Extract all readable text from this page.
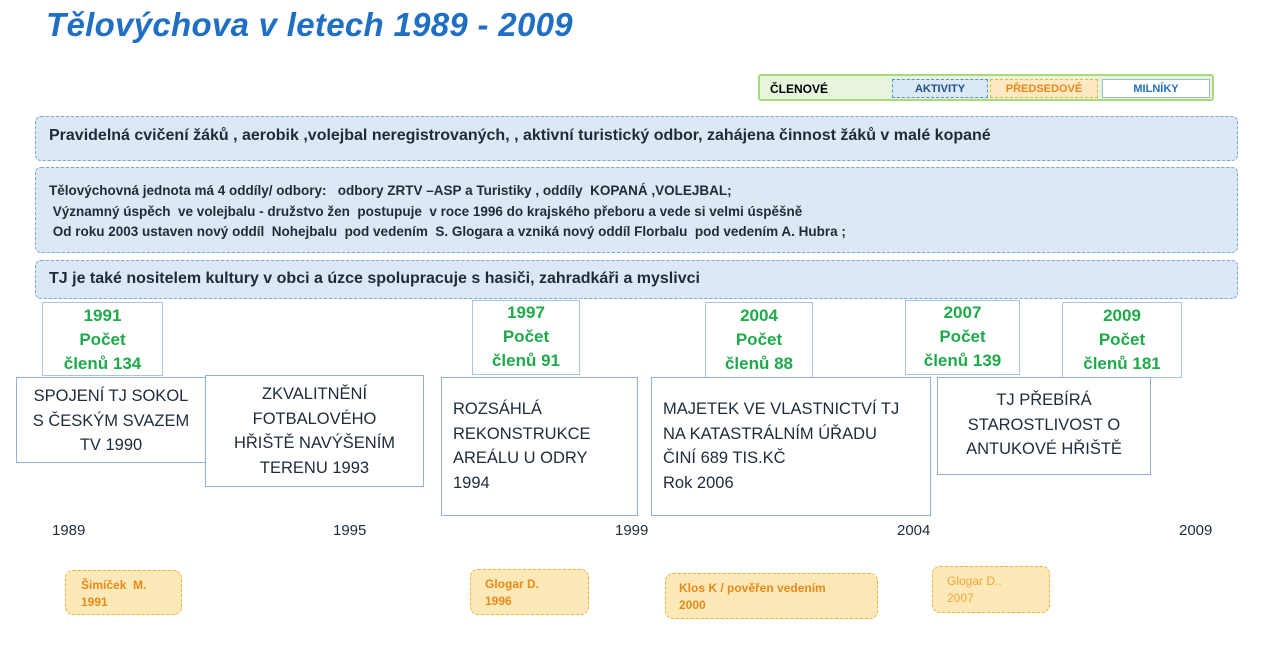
Tělovýchova v letech 1989 - 2009
ČLENOVÉ	AKTIVITY	PŘEDSEDOVÉ	MILNÍKY
Pravidelná cvičení žáků , aerobik ,volejbal neregistrovaných, , aktivní turistický odbor, zahájena činnost žáků v malé kopané
Tělovýchovná jednota má 4 oddíly/ odbory:   odbory ZRTV –ASP a Turistiky , oddíly  KOPANÁ ,VOLEJBAL;
Významný úspěch  ve volejbalu - družstvo žen  postupuje  v roce 1996 do krajského přeboru a vede si velmi úspěšně
Od roku 2003 ustaven nový oddíl  Nohejbalu  pod vedením  S. Glogara a vzniká nový oddíl Florbalu  pod vedením A. Hubra ;
TJ je také nositelem kultury v obci a úzce spolupracuje s hasiči, zahradkáři a myslivci
1991
Počet
členů 134
1997
Počet
členů 91
2004
Počet
členů 88
2007
Počet
členů 139
2009
Počet
členů 181
SPOJENÍ TJ SOKOL
S ČESKÝM SVAZEM
TV 1990
ZKVALITNĚNÍ
FOTBALOVÉHO
HŘIŠTĚ NAVÝŠENÍM
TERENU 1993
ROZSÁHLÁ
REKONSTRUKCE
AREÁLU U ODRY
1994
MAJETEK VE VLASTNICTVÍ TJ
NA KATASTRÁLNÍM ÚŘADU
ČINÍ 689 TIS.KČ
Rok 2006
TJ PŘEBÍRÁ
STAROSTLIVOST O
ANTUKOVÉ HŘIŠTĚ
1989	1995	1999	2004	2009
Šimíček  M.
1991
Glogar D.
1996
Klos K / pověřen vedením
2000
Glogar D..
2007
